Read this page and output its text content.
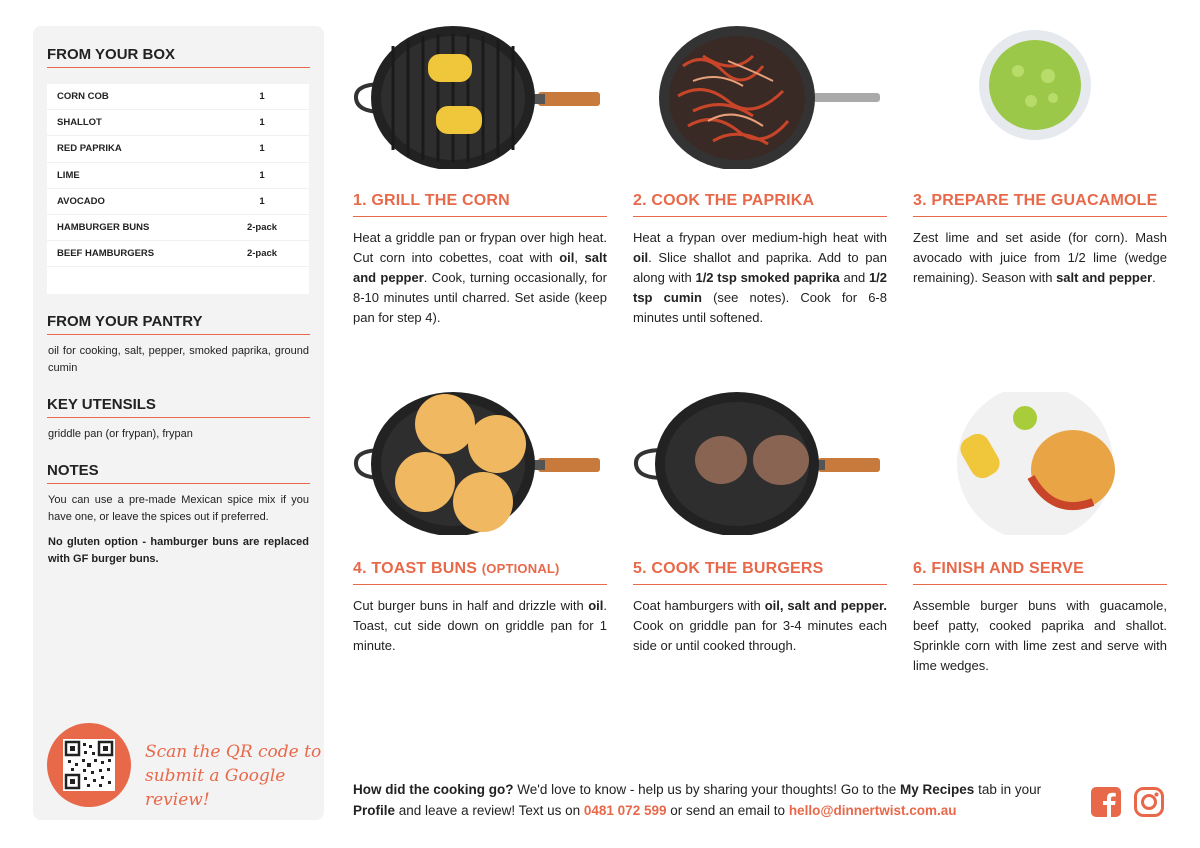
FROM YOUR BOX
CORN COB	1
SHALLOT	1
RED PAPRIKA	1
LIME	1
AVOCADO	1
HAMBURGER BUNS	2-pack
BEEF HAMBURGERS	2-pack
FROM YOUR PANTRY
oil for cooking, salt, pepper, smoked paprika, ground cumin
KEY UTENSILS
griddle pan (or frypan), frypan
NOTES
You can use a pre-made Mexican spice mix if you have one, or leave the spices out if preferred.
No gluten option - hamburger buns are replaced with GF burger buns.
Scan the QR code to
submit a Google review!
1. GRILL THE CORN	2. COOK THE PAPRIKA	3. PREPARE THE GUACAMOLE
4. TOAST BUNS (OPTIONAL)	5. COOK THE BURGERS	6. FINISH AND SERVE
Heat a griddle pan or frypan over high heat. Cut corn into cobettes, coat with oil, salt and pepper. Cook, turning occasionally, for 8-10 minutes until charred. Set aside (keep pan for step 4).
Heat a frypan over medium-high heat with oil. Slice shallot and paprika. Add to pan along with 1/2 tsp smoked paprika and 1/2 tsp cumin (see notes). Cook for 6-8 minutes until softened.
Zest lime and set aside (for corn). Mash avocado with juice from 1/2 lime (wedge remaining). Season with salt and pepper.
Cut burger buns in half and drizzle with oil. Toast, cut side down on griddle pan for 1 minute.
Coat hamburgers with oil, salt and pepper. Cook on griddle pan for 3-4 minutes each side or until cooked through.
Assemble burger buns with guacamole, beef patty, cooked paprika and shallot. Sprinkle corn with lime zest and serve with lime wedges.
How did the cooking go? We'd love to know - help us by sharing your thoughts! Go to the My Recipes tab in your Profile and leave a review! Text us on 0481 072 599 or send an email to hello@dinnertwist.com.au
